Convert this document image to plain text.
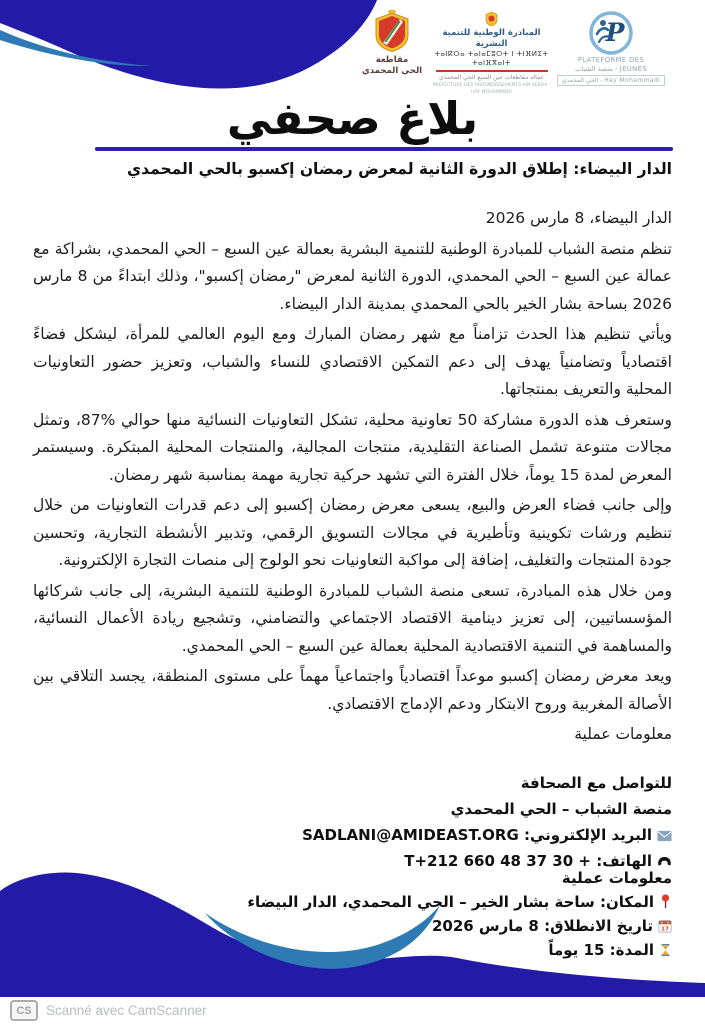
مقاطعة
الحي المحمدي
المبادرة الوطنية للتنمية البشرية
ⵜⴰⵏⴽⵔⴰ ⵜⴰⵏⴰⵎⵓⵔⵜ ⵏ ⵜⵏⴼⵍⵉⵜ ⵜⴰⵏⴼⴳⴰⵏⵜ
عمالة مقاطعات عين السبع الحي المحمدي
PREFECTURE DES ARRONDISSEMENTS AIN SEBAA - HAY MOHAMMADI
P
PLATEFORME DES
منصة الشباب - JEUNES
الحي المحمدي - Hay Mohammadi
بلاغ صحفي
الدار البيضاء: إطلاق الدورة الثانية لمعرض رمضان إكسبو بالحي المحمدي

الدار البيضاء، 8 مارس 2026

تنظم منصة الشباب للمبادرة الوطنية للتنمية البشرية بعمالة عين السبع – الحي المحمدي، بشراكة مع عمالة عين السبع – الحي المحمدي، الدورة الثانية لمعرض "رمضان إكسبو"، وذلك ابتداءً من 8 مارس 2026 بساحة بشار الخير بالحي المحمدي بمدينة الدار البيضاء.

ويأتي تنظيم هذا الحدث تزامناً مع شهر رمضان المبارك ومع اليوم العالمي للمرأة، ليشكل فضاءً اقتصادياً وتضامنياً يهدف إلى دعم التمكين الاقتصادي للنساء والشباب، وتعزيز حضور التعاونيات المحلية والتعريف بمنتجاتها.

وستعرف هذه الدورة مشاركة 50 تعاونية محلية، تشكل التعاونيات النسائية منها حوالي %87، وتمثل مجالات متنوعة تشمل الصناعة التقليدية، منتجات المجالية، والمنتجات المحلية المبتكرة. وسيستمر المعرض لمدة 15 يوماً، خلال الفترة التي تشهد حركية تجارية مهمة بمناسبة شهر رمضان.

وإلى جانب فضاء العرض والبيع، يسعى معرض رمضان إكسبو إلى دعم قدرات التعاونيات من خلال تنظيم ورشات تكوينية وتأطيرية في مجالات التسويق الرقمي، وتدبير الأنشطة التجارية، وتحسين جودة المنتجات والتغليف، إضافة إلى مواكبة التعاونيات نحو الولوج إلى منصات التجارة الإلكترونية.

ومن خلال هذه المبادرة، تسعى منصة الشباب للمبادرة الوطنية للتنمية البشرية، إلى جانب شركائها المؤسساتيين، إلى تعزيز دينامية الاقتصاد الاجتماعي والتضامني، وتشجيع ريادة الأعمال النسائية، والمساهمة في التنمية الاقتصادية المحلية بعمالة عين السبع – الحي المحمدي.

ويعد معرض رمضان إكسبو موعداً اقتصادياً واجتماعياً مهماً على مستوى المنطقة، يجسد التلاقي بين الأصالة المغربية وروح الابتكار ودعم الإدماج الاقتصادي.

معلومات عملية

للتواصل مع الصحافة
منصة الشباب – الحي المحمدي
البريد الإلكتروني: SADLANI@AMIDEAST.ORG
الهاتف: + T+212 660 48 37 30
معلومات عملية
المكان: ساحة بشار الخير – الحي المحمدي، الدار البيضاء
17
تاريخ الانطلاق: 8 مارس 2026
المدة: 15 يوماً
CS	Scanné avec CamScanner
